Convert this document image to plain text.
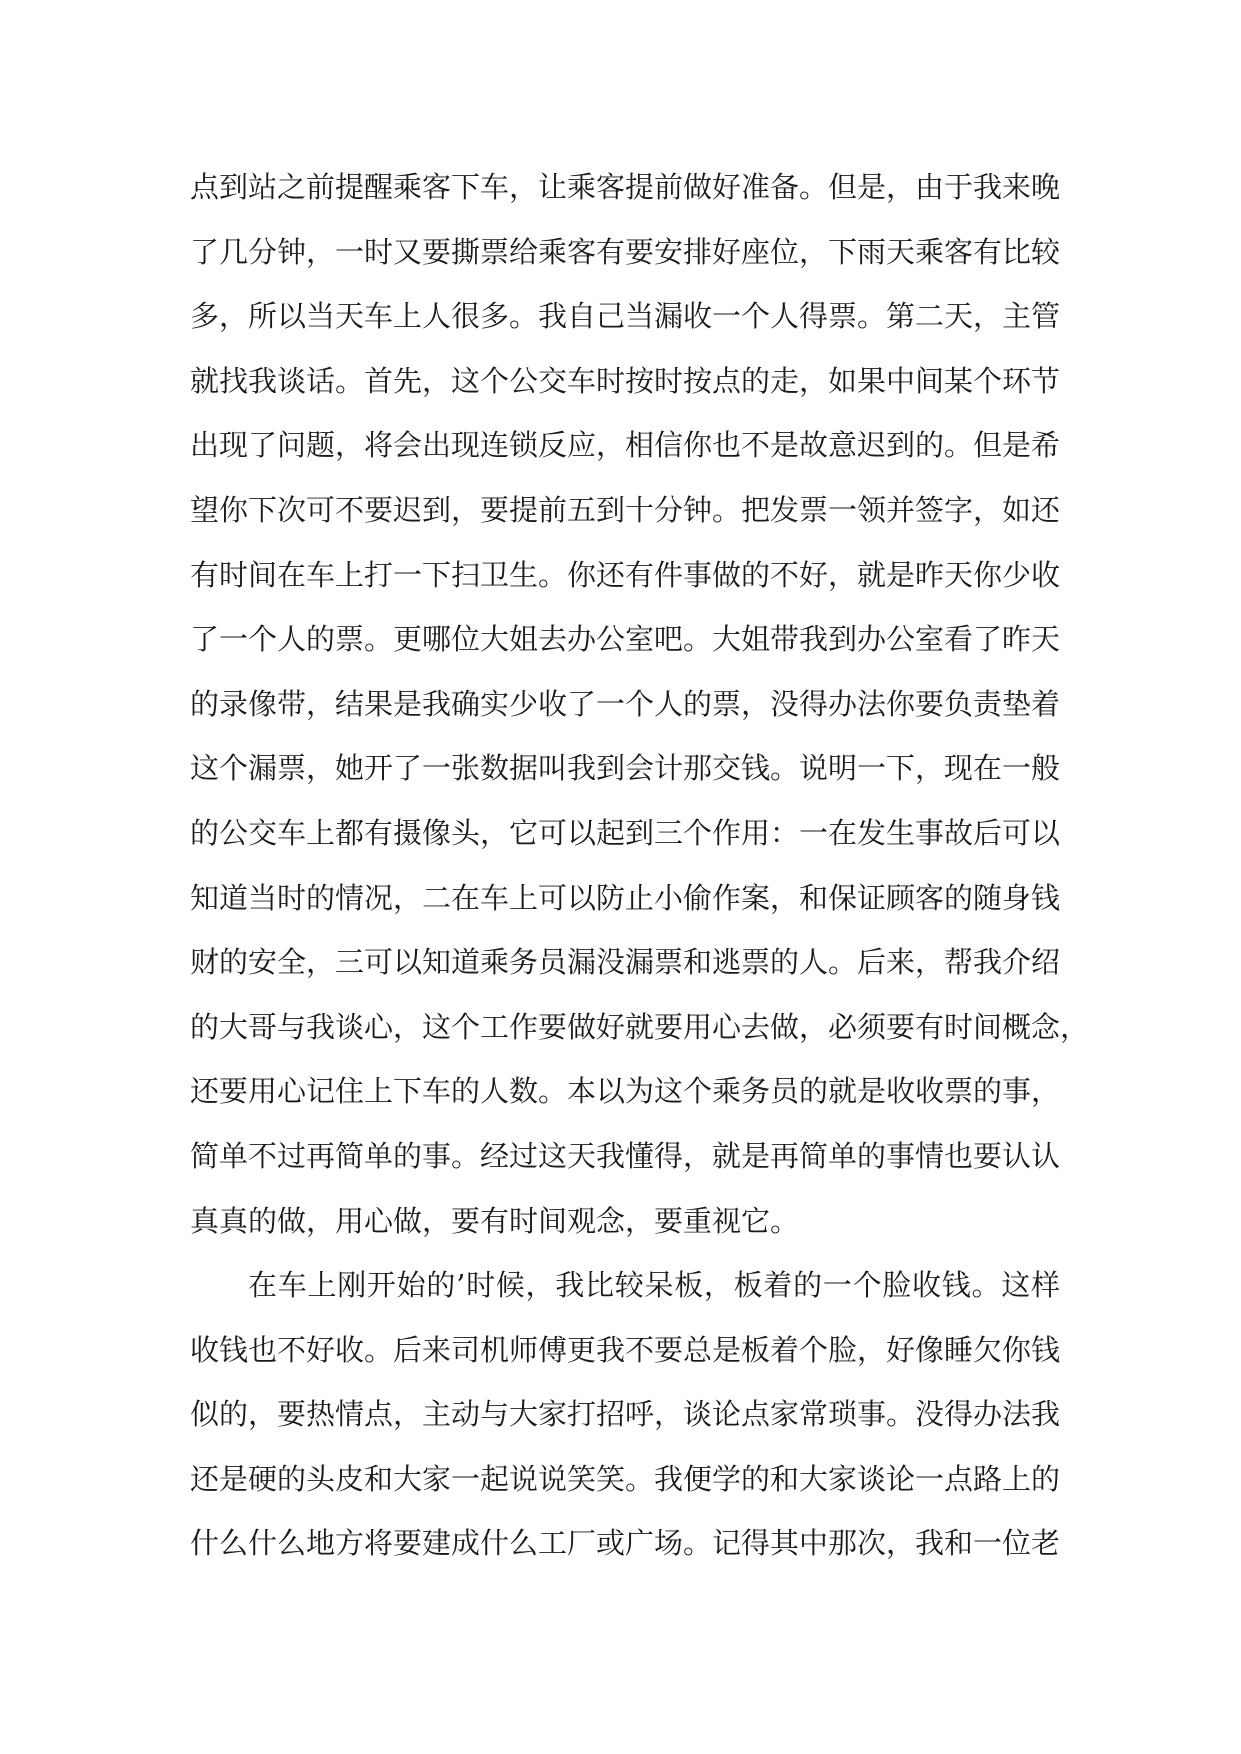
点到站之前提醒乘客下车，让乘客提前做好准备。但是，由于我来晚
了几分钟，一时又要撕票给乘客有要安排好座位，下雨天乘客有比较
多，所以当天车上人很多。我自己当漏收一个人得票。第二天，主管
就找我谈话。首先，这个公交车时按时按点的走，如果中间某个环节
出现了问题，将会出现连锁反应，相信你也不是故意迟到的。但是希
望你下次可不要迟到，要提前五到十分钟。把发票一领并签字，如还
有时间在车上打一下扫卫生。你还有件事做的不好，就是昨天你少收
了一个人的票。更哪位大姐去办公室吧。大姐带我到办公室看了昨天
的录像带，结果是我确实少收了一个人的票，没得办法你要负责垫着
这个漏票，她开了一张数据叫我到会计那交钱。说明一下，现在一般
的公交车上都有摄像头，它可以起到三个作用：一在发生事故后可以
知道当时的情况，二在车上可以防止小偷作案，和保证顾客的随身钱
财的安全，三可以知道乘务员漏没漏票和逃票的人。后来，帮我介绍
的大哥与我谈心，这个工作要做好就要用心去做，必须要有时间概念，
还要用心记住上下车的人数。本以为这个乘务员的就是收收票的事，
简单不过再简单的事。经过这天我懂得，就是再简单的事情也要认认
真真的做，用心做，要有时间观念，要重视它。
在车上刚开始的’时候，我比较呆板，板着的一个脸收钱。这样
收钱也不好收。后来司机师傅更我不要总是板着个脸，好像睡欠你钱
似的，要热情点，主动与大家打招呼，谈论点家常琐事。没得办法我
还是硬的头皮和大家一起说说笑笑。我便学的和大家谈论一点路上的
什么什么地方将要建成什么工厂或广场。记得其中那次，我和一位老
